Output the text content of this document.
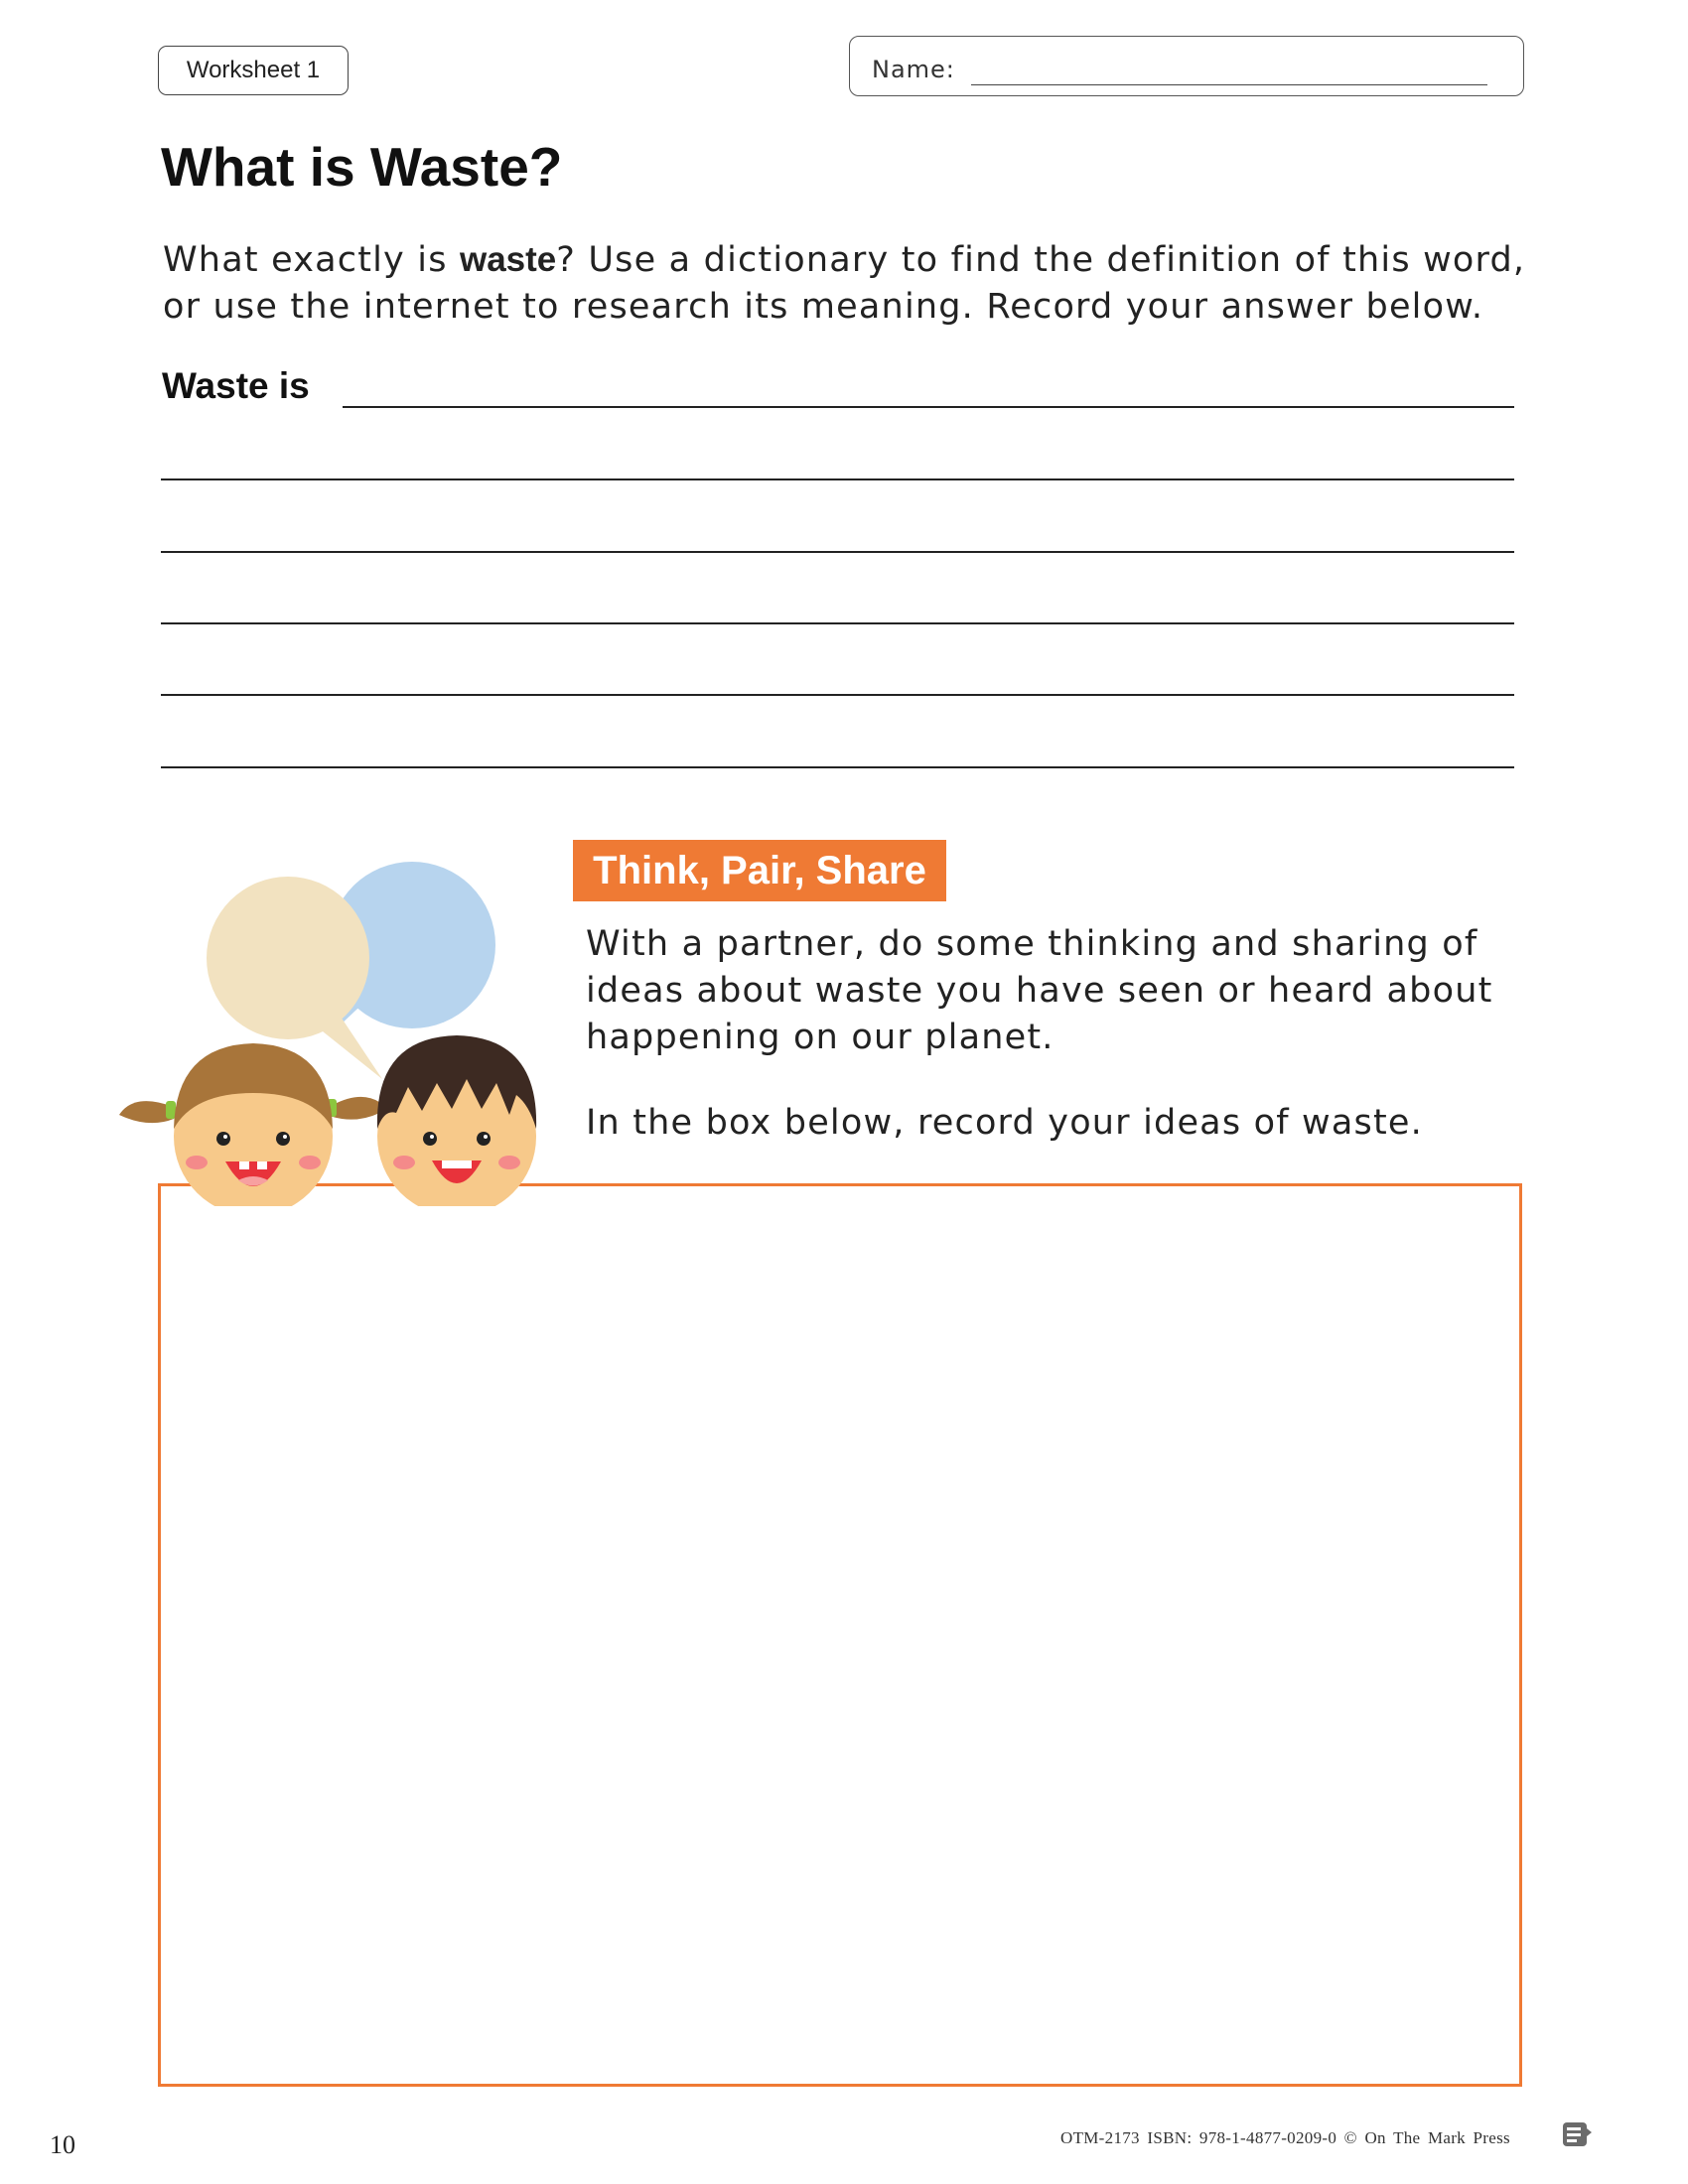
Worksheet 1	Name:
What is Waste?
What exactly is waste? Use a dictionary to find the definition of this word, or use the internet to research its meaning. Record your answer below.
Waste is
Think, Pair, Share
With a partner, do some thinking and sharing of ideas about waste you have seen or heard about happening on our planet.
In the box below, record your ideas of waste.
10	OTM-2173 ISBN: 978-1-4877-0209-0 © On The Mark Press
